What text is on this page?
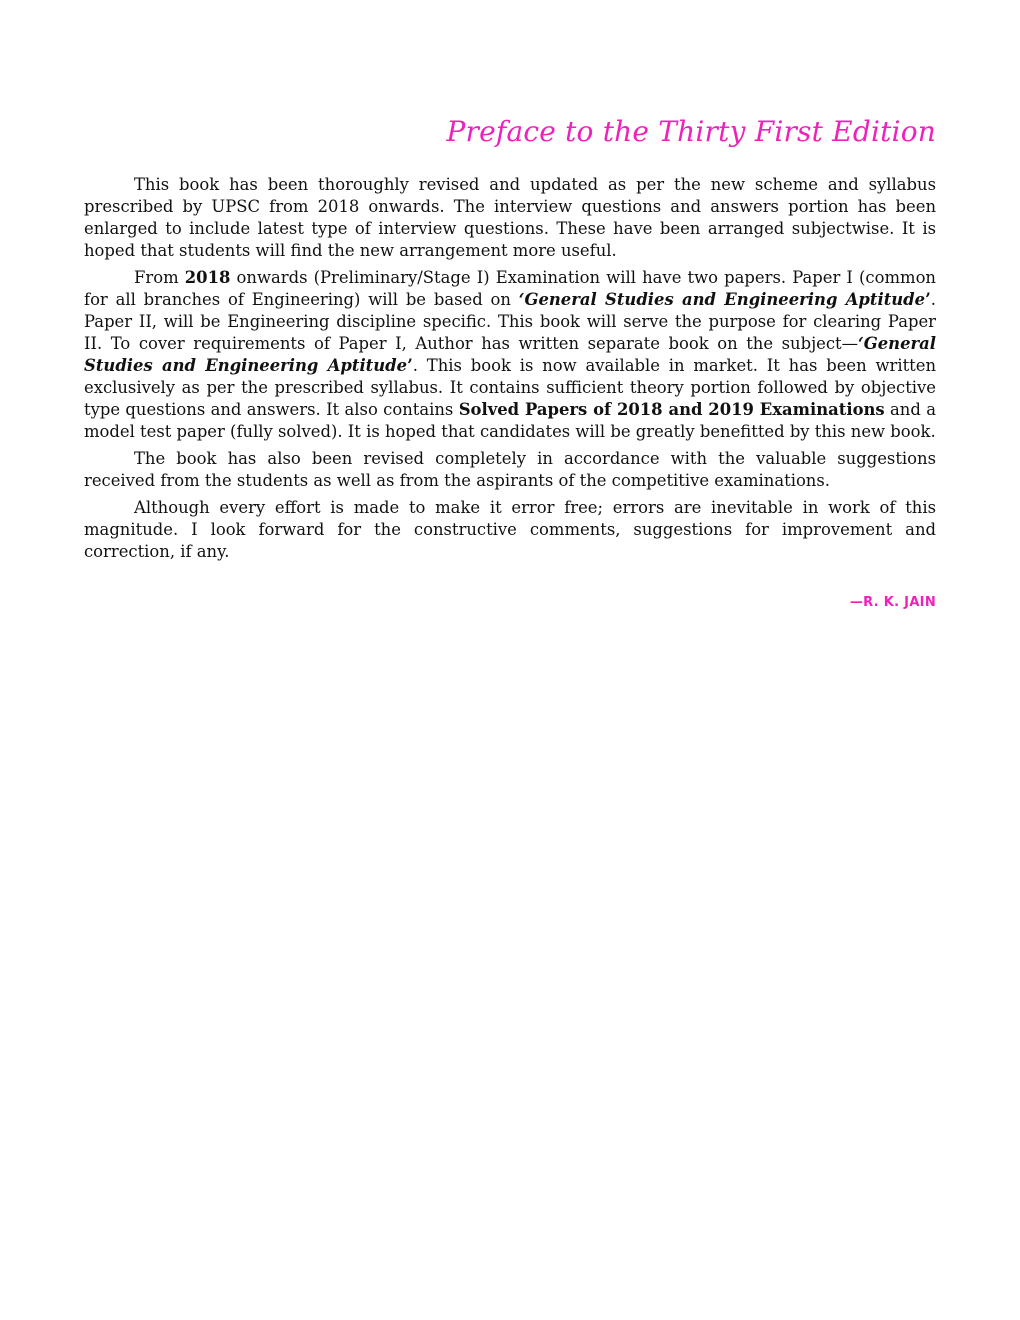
Preface to the Thirty First Edition

This book has been thoroughly revised and updated as per the new scheme and syllabus prescribed by UPSC from 2018 onwards. The interview questions and answers portion has been enlarged to include latest type of interview questions. These have been arranged subjectwise. It is hoped that students will find the new arrangement more useful.

From 2018 onwards (Preliminary/Stage I) Examination will have two papers. Paper I (common for all branches of Engineering) will be based on ‘General Studies and Engineering Aptitude’. Paper II, will be Engineering discipline specific. This book will serve the purpose for clearing Paper II. To cover requirements of Paper I, Author has written separate book on the subject—‘General Studies and Engineering Aptitude’. This book is now available in market. It has been written exclusively as per the prescribed syllabus. It contains sufficient theory portion followed by objective type questions and answers. It also contains Solved Papers of 2018 and 2019 Examinations and a model test paper (fully solved). It is hoped that candidates will be greatly benefitted by this new book.

The book has also been revised completely in accordance with the valuable suggestions received from the students as well as from the aspirants of the competitive examinations.

Although every effort is made to make it error free; errors are inevitable in work of this magnitude. I look forward for the constructive comments, suggestions for improvement and correction, if any.

—R. K. JAIN
